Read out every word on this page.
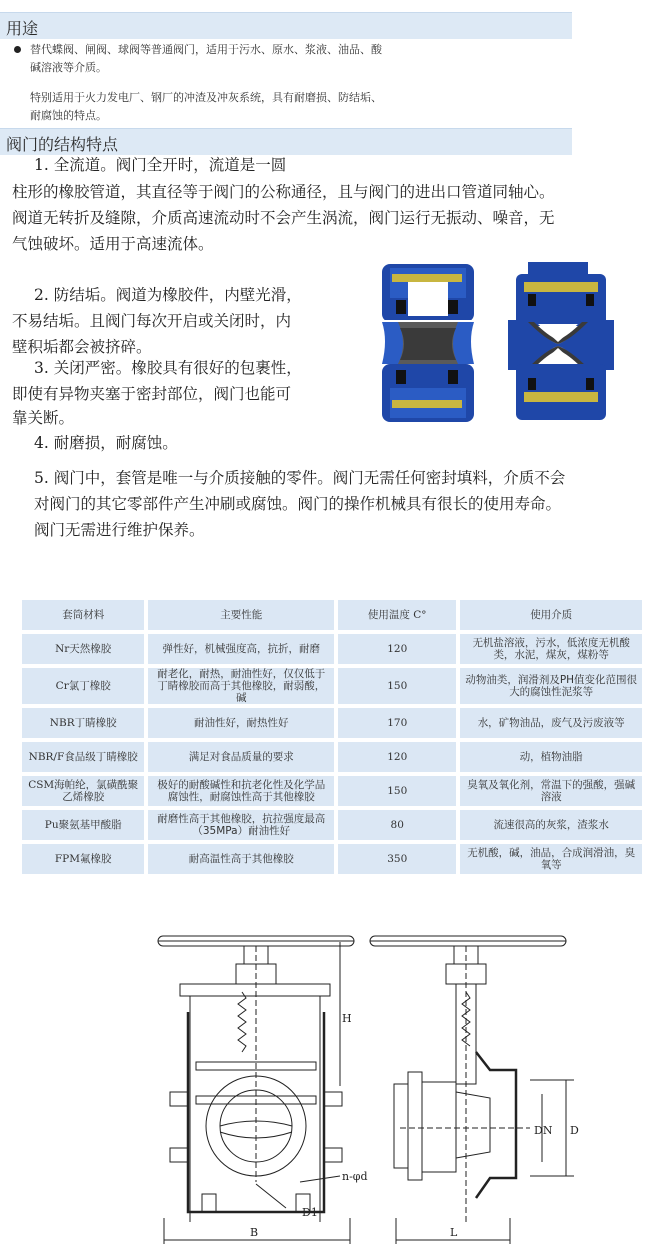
用途
替代蝶阀、闸阀、球阀等普通阀门，适用于污水、原水、浆液、油品、酸
碱溶液等介质。
特别适用于火力发电厂、钢厂的冲渣及冲灰系统，具有耐磨损、防结垢、
耐腐蚀的特点。
阀门的结构特点
1. 全流道。阀门全开时，流道是一圆
柱形的橡胶管道，其直径等于阀门的公称通径，且与阀门的进出口管道同轴心。
阀道无转折及缝隙，介质高速流动时不会产生涡流，阀门运行无振动、噪音，无
气蚀破坏。适用于高速流体。
2. 防结垢。阀道为橡胶件，内壁光滑，
不易结垢。且阀门每次开启或关闭时，内
壁积垢都会被挤碎。
3. 关闭严密。橡胶具有很好的包裹性，
即使有异物夹塞于密封部位，阀门也能可
靠关断。
4. 耐磨损，耐腐蚀。
5. 阀门中，套管是唯一与介质接触的零件。阀门无需任何密封填料，介质不会
对阀门的其它零部件产生冲刷或腐蚀。阀门的操作机械具有很长的使用寿命。
阀门无需进行维护保养。
套筒材料	主要性能	使用温度 C°	使用介质
Nr天然橡胶	弹性好，机械强度高，抗折，耐磨	120	无机盐溶液，污水，低浓度无机酸类，水泥，煤灰，煤粉等
Cr氯丁橡胶	耐老化，耐热，耐油性好，仅仅低于丁睛橡胶而高于其他橡胶，耐弱酸，碱	150	动物油类，润滑剂及PH值变化范围很大的腐蚀性泥浆等
NBR丁睛橡胶	耐油性好，耐热性好	170	水，矿物油品，废气及污废液等
NBR/F食品级丁睛橡胶	满足对食品质量的要求	120	动，植物油脂
CSM海帕纶，氯磺酰聚乙烯橡胶	极好的耐酸碱性和抗老化性及化学品腐蚀性，耐腐蚀性高于其他橡胶	150	臭氧及氧化剂，常温下的强酸，强碱溶液
Pu聚氨基甲酸脂	耐磨性高于其他橡胶，抗拉强度最高（35MPa）耐油性好	80	流速很高的灰浆，渣浆水
FPM氟橡胶	耐高温性高于其他橡胶	350	无机酸，碱，油品，合成润滑油，臭氧等
H
DN D
n-φd
D1
B	L
